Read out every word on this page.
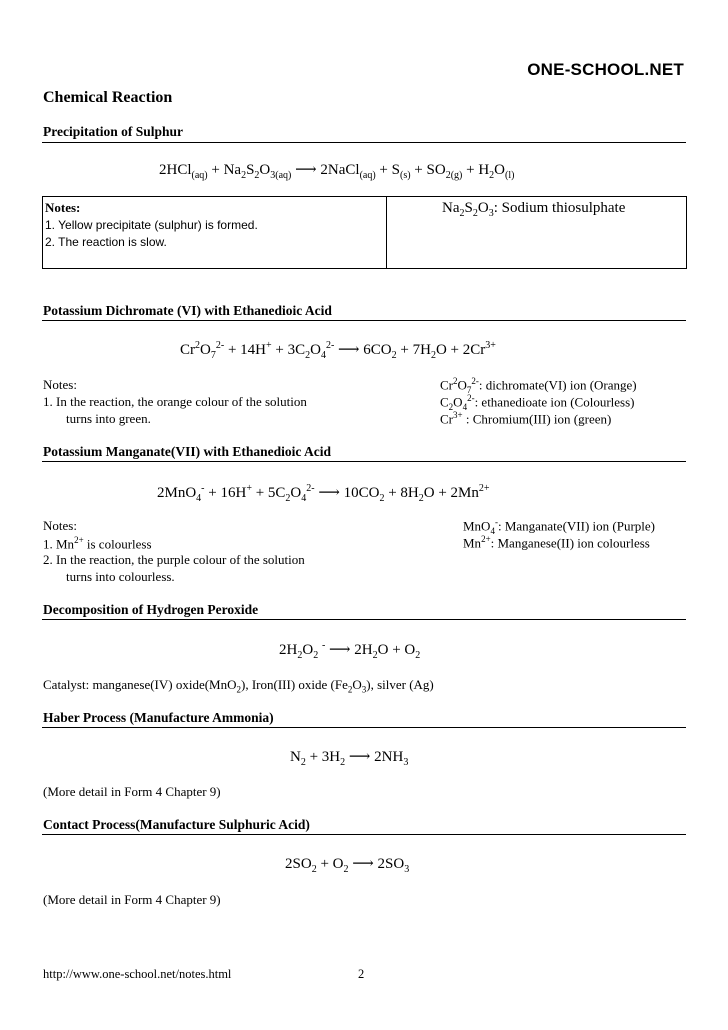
ONE-SCHOOL.NET
Chemical Reaction
Precipitation of Sulphur
$2HCl_{(aq)} + Na_2S_2O_{3(aq)}$ ⟶ 2NaCl$_{(aq)}$ + $S_{(s)} + SO_{2(g)} + H_2O_{(l)}$
Notes:
1. Yellow precipitate (sulphur) is formed.
2. The reaction is slow.
$Na_2S_2O_3$: Sodium thiosulphate
Potassium Dichromate (VI) with Ethanedioic Acid
$Cr^2O_7^{2-} + 14H^+ + 3C_2O_4^{2-}$ ⟶ $6CO_2 + 7H_2O + 2Cr^{3+}$
Notes:
1. In the reaction, the orange colour of the solution
turns into green.
$Cr^2O_7^{2-}$: dichromate(VI) ion (Orange)
$C_2O_4^{2-}$: ethanedioate ion (Colourless)
$Cr^{3+}$ : Chromium(III) ion (green)
Potassium Manganate(VII) with Ethanedioic Acid
$2MnO_4^- + 16H^+ + 5C_2O_4^{2-}$ ⟶ $10CO_2 + 8H_2O + 2Mn^{2+}$
Notes:
1. $Mn^{2+}$ is colourless
2. In the reaction, the purple colour of the solution
turns into colourless.
MnO$_4$-: Manganate(VII) ion (Purple)
$Mn^{2+}$: Manganese(II) ion colourless
Decomposition of Hydrogen Peroxide
$2H_2O_2$ - ⟶ $2H_2O + O_2$
Catalyst: manganese(IV) oxide(MnO$_2$), Iron(III) oxide $(Fe_2O_3)$, silver (Ag)
Haber Process (Manufacture Ammonia)
$N_2 + 3H_2$ ⟶ $2NH_3$
(More detail in Form 4 Chapter 9)
Contact Process(Manufacture Sulphuric Acid)
$2SO_2 + O_2$ ⟶ $2SO_3$
(More detail in Form 4 Chapter 9)
http://www.one-school.net/notes.html	2
